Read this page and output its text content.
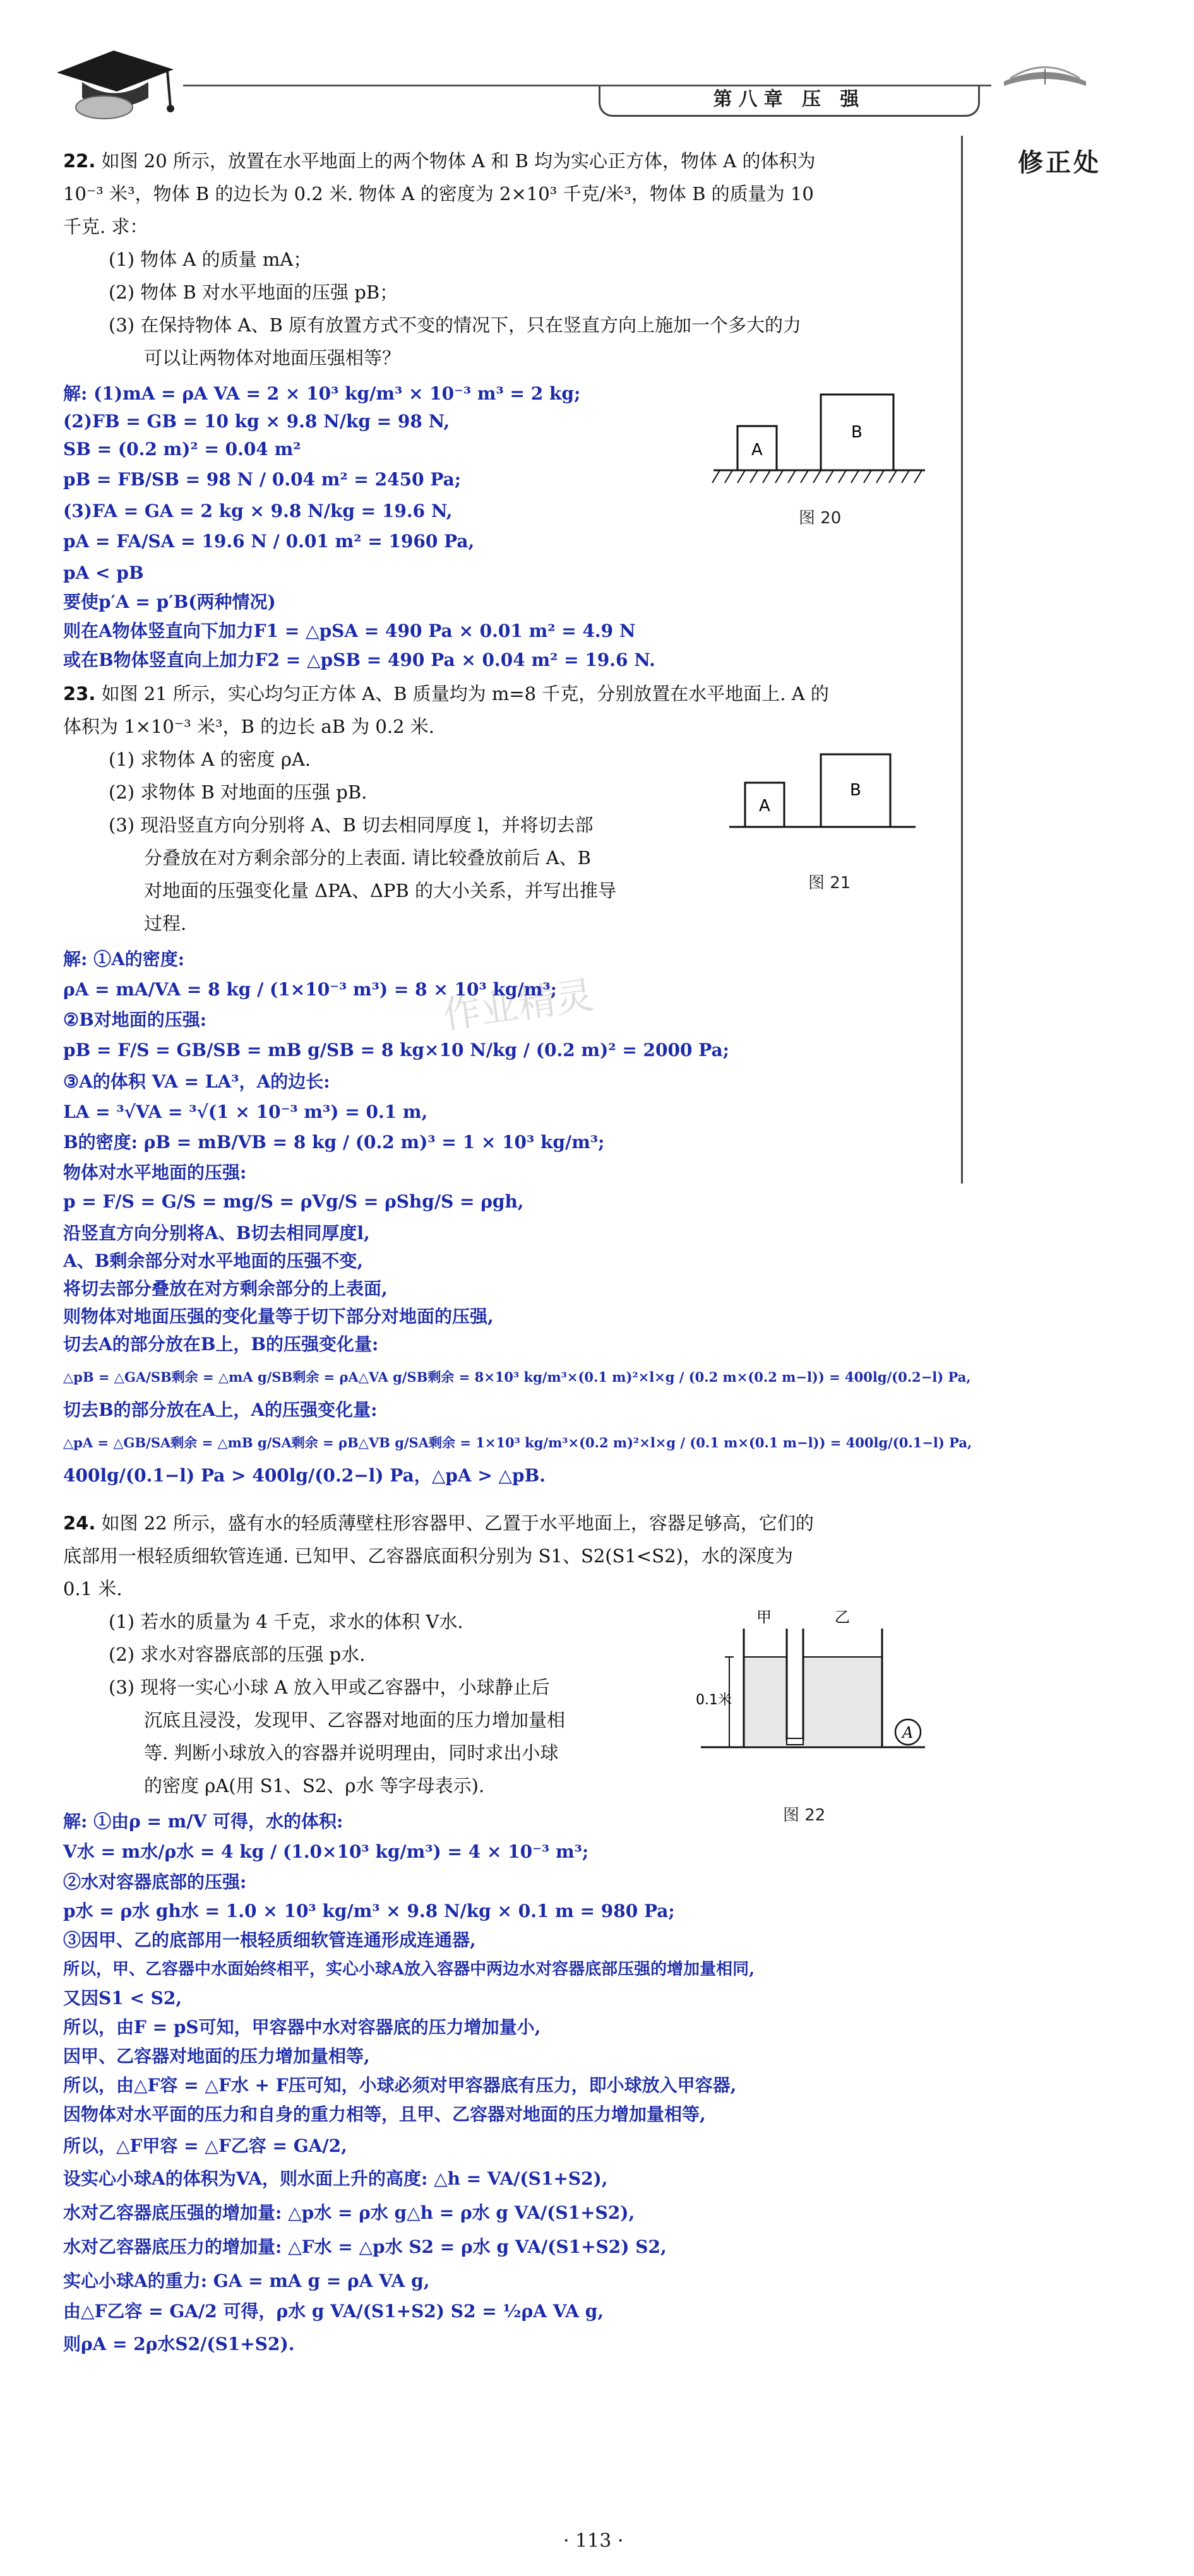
第八章 压 强
修正处
22. 如图 20 所示，放置在水平地面上的两个物体 A 和 B 均为实心正方体，物体 A 的体积为
10⁻³ 米³，物体 B 的边长为 0.2 米. 物体 A 的密度为 2×10³ 千克/米³，物体 B 的质量为 10
千克. 求：
(1) 物体 A 的质量 mA；
(2) 物体 B 对水平地面的压强 pB；
(3) 在保持物体 A、B 原有放置方式不变的情况下，只在竖直方向上施加一个多大的力
可以让两物体对地面压强相等？
解: (1)mA = ρA VA = 2 × 10³ kg/m³ × 10⁻³ m³ = 2 kg;
(2)FB = GB = 10 kg × 9.8 N/kg = 98 N,
SB = (0.2 m)² = 0.04 m²
pB = FB/SB = 98 N / 0.04 m² = 2450 Pa;
(3)FA = GA = 2 kg × 9.8 N/kg = 19.6 N,
pA = FA/SA = 19.6 N / 0.01 m² = 1960 Pa,
pA < pB
要使p′A = p′B(两种情况)
则在A物体竖直向下加力F1 = △pSA = 490 Pa × 0.01 m² = 4.9 N
或在B物体竖直向上加力F2 = △pSB = 490 Pa × 0.04 m² = 19.6 N.
A
B
图 20
23. 如图 21 所示，实心均匀正方体 A、B 质量均为 m=8 千克，分别放置在水平地面上. A 的
体积为 1×10⁻³ 米³，B 的边长 aB 为 0.2 米.
(1) 求物体 A 的密度 ρA.
(2) 求物体 B 对地面的压强 pB.
(3) 现沿竖直方向分别将 A、B 切去相同厚度 l，并将切去部
分叠放在对方剩余部分的上表面. 请比较叠放前后 A、B
对地面的压强变化量 ΔPA、ΔPB 的大小关系，并写出推导
过程.
A
B
图 21
作业精灵
解: ①A的密度:
ρA = mA/VA = 8 kg / (1×10⁻³ m³) = 8 × 10³ kg/m³;
②B对地面的压强:
pB = F/S = GB/SB = mB g/SB = 8 kg×10 N/kg / (0.2 m)² = 2000 Pa;
③A的体积 VA = LA³，A的边长:
LA = ³√VA = ³√(1 × 10⁻³ m³) = 0.1 m,
B的密度: ρB = mB/VB = 8 kg / (0.2 m)³ = 1 × 10³ kg/m³;
物体对水平地面的压强:
p = F/S = G/S = mg/S = ρVg/S = ρShg/S = ρgh,
沿竖直方向分别将A、B切去相同厚度l,
A、B剩余部分对水平地面的压强不变,
将切去部分叠放在对方剩余部分的上表面,
则物体对地面压强的变化量等于切下部分对地面的压强,
切去A的部分放在B上，B的压强变化量:
△pB = △GA/SB剩余 = △mA g/SB剩余 = ρA△VA g/SB剩余 = 8×10³ kg/m³×(0.1 m)²×l×g / (0.2 m×(0.2 m−l)) = 400lg/(0.2−l) Pa,
切去B的部分放在A上，A的压强变化量:
△pA = △GB/SA剩余 = △mB g/SA剩余 = ρB△VB g/SA剩余 = 1×10³ kg/m³×(0.2 m)²×l×g / (0.1 m×(0.1 m−l)) = 400lg/(0.1−l) Pa,
400lg/(0.1−l) Pa > 400lg/(0.2−l) Pa，△pA > △pB.
24. 如图 22 所示，盛有水的轻质薄壁柱形容器甲、乙置于水平地面上，容器足够高，它们的
底部用一根轻质细软管连通. 已知甲、乙容器底面积分别为 S1、S2(S1<S2)，水的深度为
0.1 米.
(1) 若水的质量为 4 千克，求水的体积 V水.
(2) 求水对容器底部的压强 p水.
(3) 现将一实心小球 A 放入甲或乙容器中，小球静止后
沉底且浸没，发现甲、乙容器对地面的压力增加量相
等. 判断小球放入的容器并说明理由，同时求出小球
的密度 ρA(用 S1、S2、ρ水 等字母表示).
0.1米
甲	乙
A
图 22
解: ①由ρ = m/V 可得，水的体积:
V水 = m水/ρ水 = 4 kg / (1.0×10³ kg/m³) = 4 × 10⁻³ m³;
②水对容器底部的压强:
p水 = ρ水 gh水 = 1.0 × 10³ kg/m³ × 9.8 N/kg × 0.1 m = 980 Pa;
③因甲、乙的底部用一根轻质细软管连通形成连通器,
所以，甲、乙容器中水面始终相平，实心小球A放入容器中两边水对容器底部压强的增加量相同,
又因S1 < S2,
所以，由F = pS可知，甲容器中水对容器底的压力增加量小,
因甲、乙容器对地面的压力增加量相等,
所以，由△F容 = △F水 + F压可知，小球必须对甲容器底有压力，即小球放入甲容器,
因物体对水平面的压力和自身的重力相等，且甲、乙容器对地面的压力增加量相等,
所以，△F甲容 = △F乙容 = GA/2,
设实心小球A的体积为VA，则水面上升的高度: △h = VA/(S1+S2),
水对乙容器底压强的增加量: △p水 = ρ水 g△h = ρ水 g VA/(S1+S2),
水对乙容器底压力的增加量: △F水 = △p水 S2 = ρ水 g VA/(S1+S2) S2,
实心小球A的重力: GA = mA g = ρA VA g,
由△F乙容 = GA/2 可得，ρ水 g VA/(S1+S2) S2 = ½ρA VA g,
则ρA = 2ρ水S2/(S1+S2).
· 113 ·
